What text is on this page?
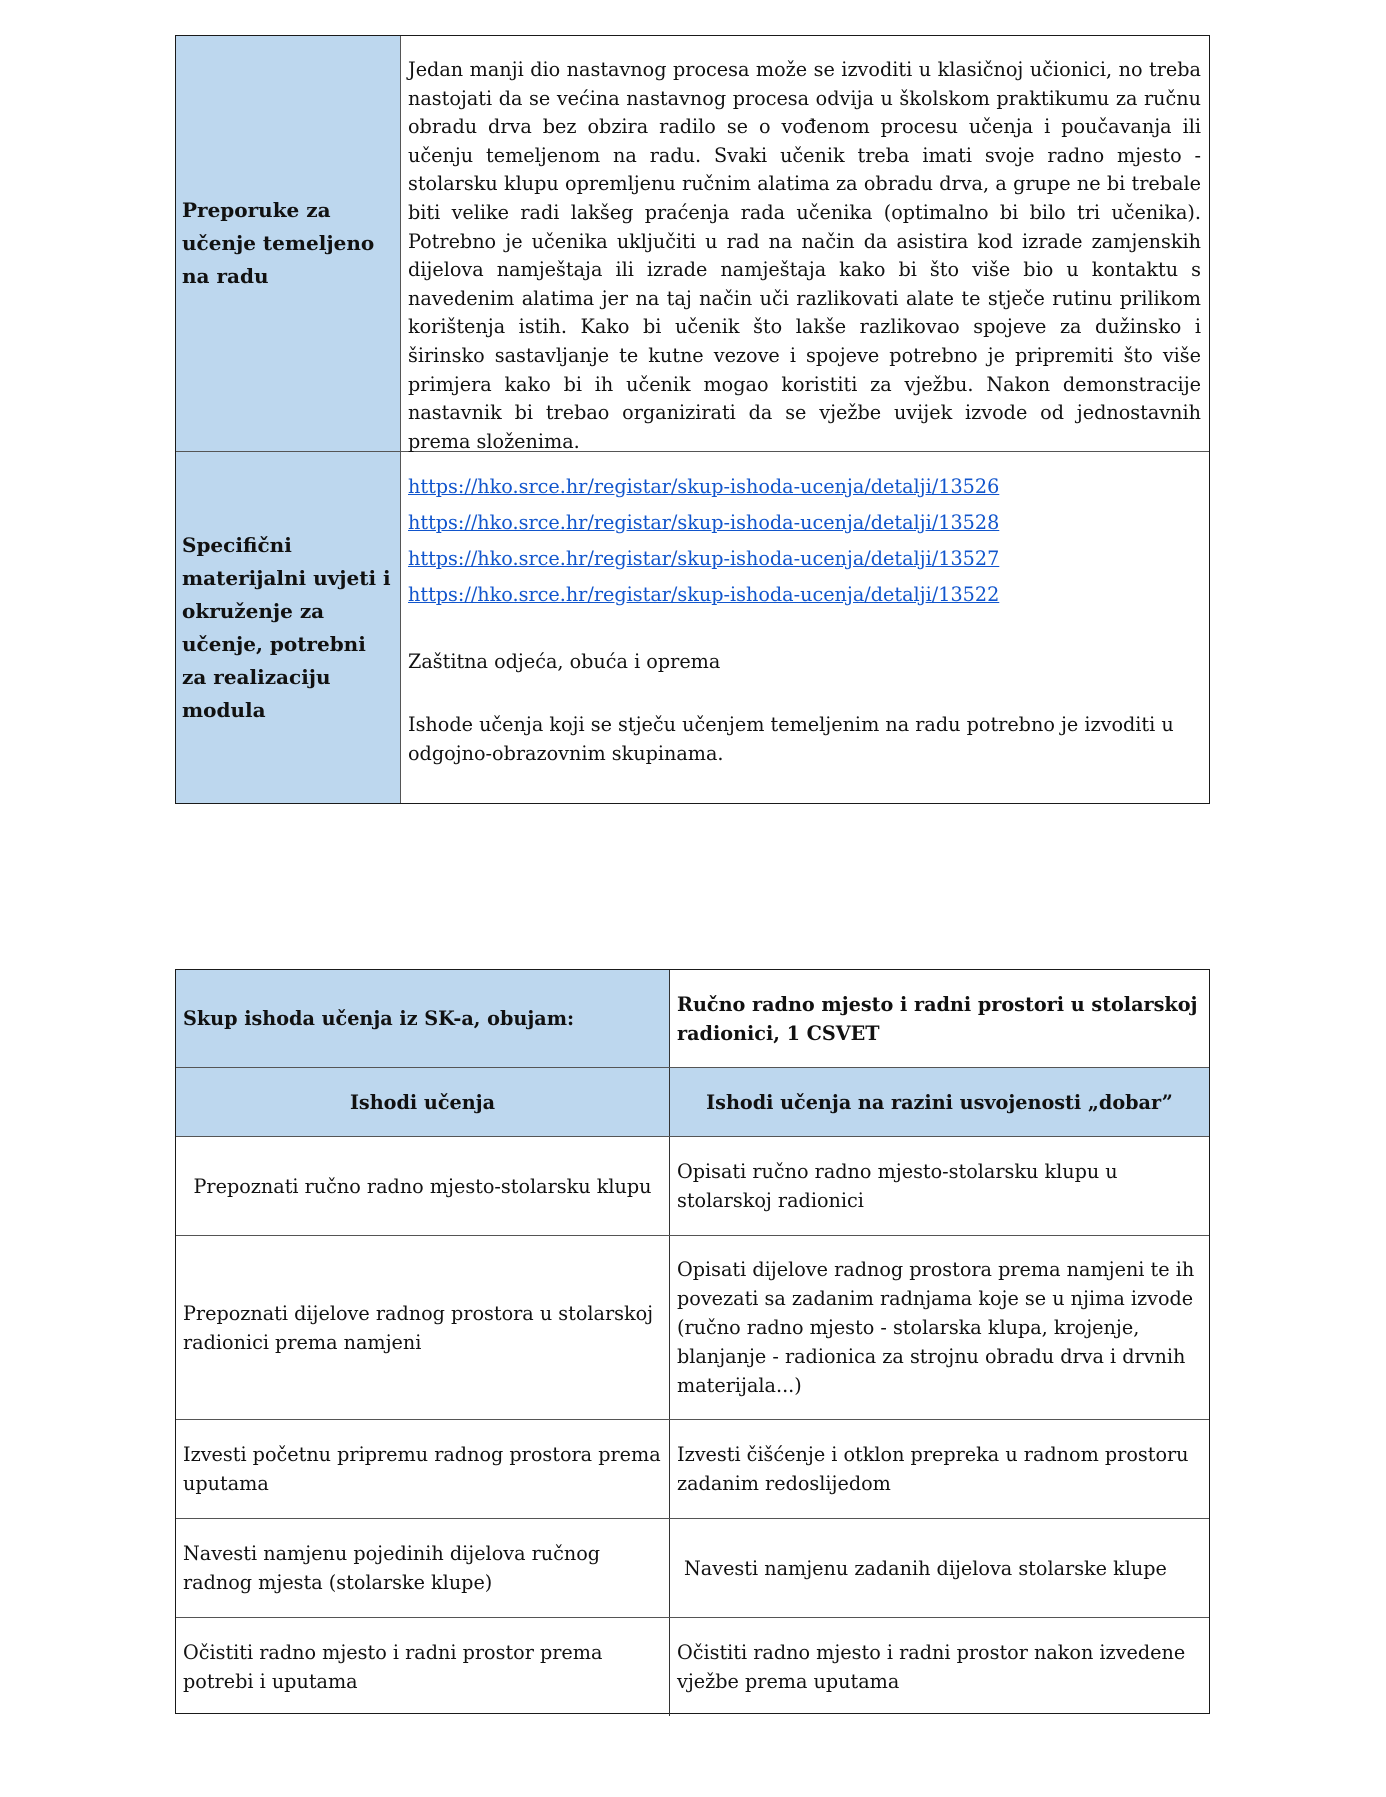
Preporuke za učenje temeljeno na radu
Jedan manji dio nastavnog procesa može se izvoditi u klasičnoj učionici, no treba nastojati da se većina nastavnog procesa odvija u školskom praktikumu za ručnu obradu drva bez obzira radilo se o vođenom procesu učenja i poučavanja ili učenju temeljenom na radu. Svaki učenik treba imati svoje radno mjesto - stolarsku klupu opremljenu ručnim alatima za obradu drva, a grupe ne bi trebale biti velike radi lakšeg praćenja rada učenika (optimalno bi bilo tri učenika). Potrebno je učenika uključiti u rad na način da asistira kod izrade zamjenskih dijelova namještaja ili izrade namještaja kako bi što više bio u kontaktu s navedenim alatima jer na taj način uči razlikovati alate te stječe rutinu prilikom korištenja istih. Kako bi učenik što lakše razlikovao spojeve za dužinsko i širinsko sastavljanje te kutne vezove i spojeve potrebno je pripremiti što više primjera kako bi ih učenik mogao koristiti za vježbu. Nakon demonstracije nastavnik bi trebao organizirati da se vježbe uvijek izvode od jednostavnih prema složenima.
Specifični materijalni uvjeti i okruženje za učenje, potrebni za realizaciju modula
https://hko.srce.hr/registar/skup-ishoda-ucenja/detalji/13526
https://hko.srce.hr/registar/skup-ishoda-ucenja/detalji/13528
https://hko.srce.hr/registar/skup-ishoda-ucenja/detalji/13527
https://hko.srce.hr/registar/skup-ishoda-ucenja/detalji/13522
Zaštitna odjeća, obuća i oprema
Ishode učenja koji se stječu učenjem temeljenim na radu potrebno je izvoditi u odgojno-obrazovnim skupinama.
Skup ishoda učenja iz SK-a, obujam:
Ručno radno mjesto i radni prostori u stolarskoj radionici, 1 CSVET
Ishodi učenja	Ishodi učenja na razini usvojenosti „dobar”
Prepoznati ručno radno mjesto-stolarsku klupu
Opisati ručno radno mjesto-stolarsku klupu u stolarskoj radionici
Prepoznati dijelove radnog prostora u stolarskoj radionici prema namjeni
Opisati dijelove radnog prostora prema namjeni te ih povezati sa zadanim radnjama koje se u njima izvode (ručno radno mjesto - stolarska klupa, krojenje, blanjanje - radionica za strojnu obradu drva i drvnih materijala...)
Izvesti početnu pripremu radnog prostora prema uputama
Izvesti čišćenje i otklon prepreka u radnom prostoru zadanim redoslijedom
Navesti namjenu pojedinih dijelova ručnog radnog mjesta (stolarske klupe)
Navesti namjenu zadanih dijelova stolarske klupe
Očistiti radno mjesto i radni prostor prema potrebi i uputama
Očistiti radno mjesto i radni prostor nakon izvedene vježbe prema uputama
